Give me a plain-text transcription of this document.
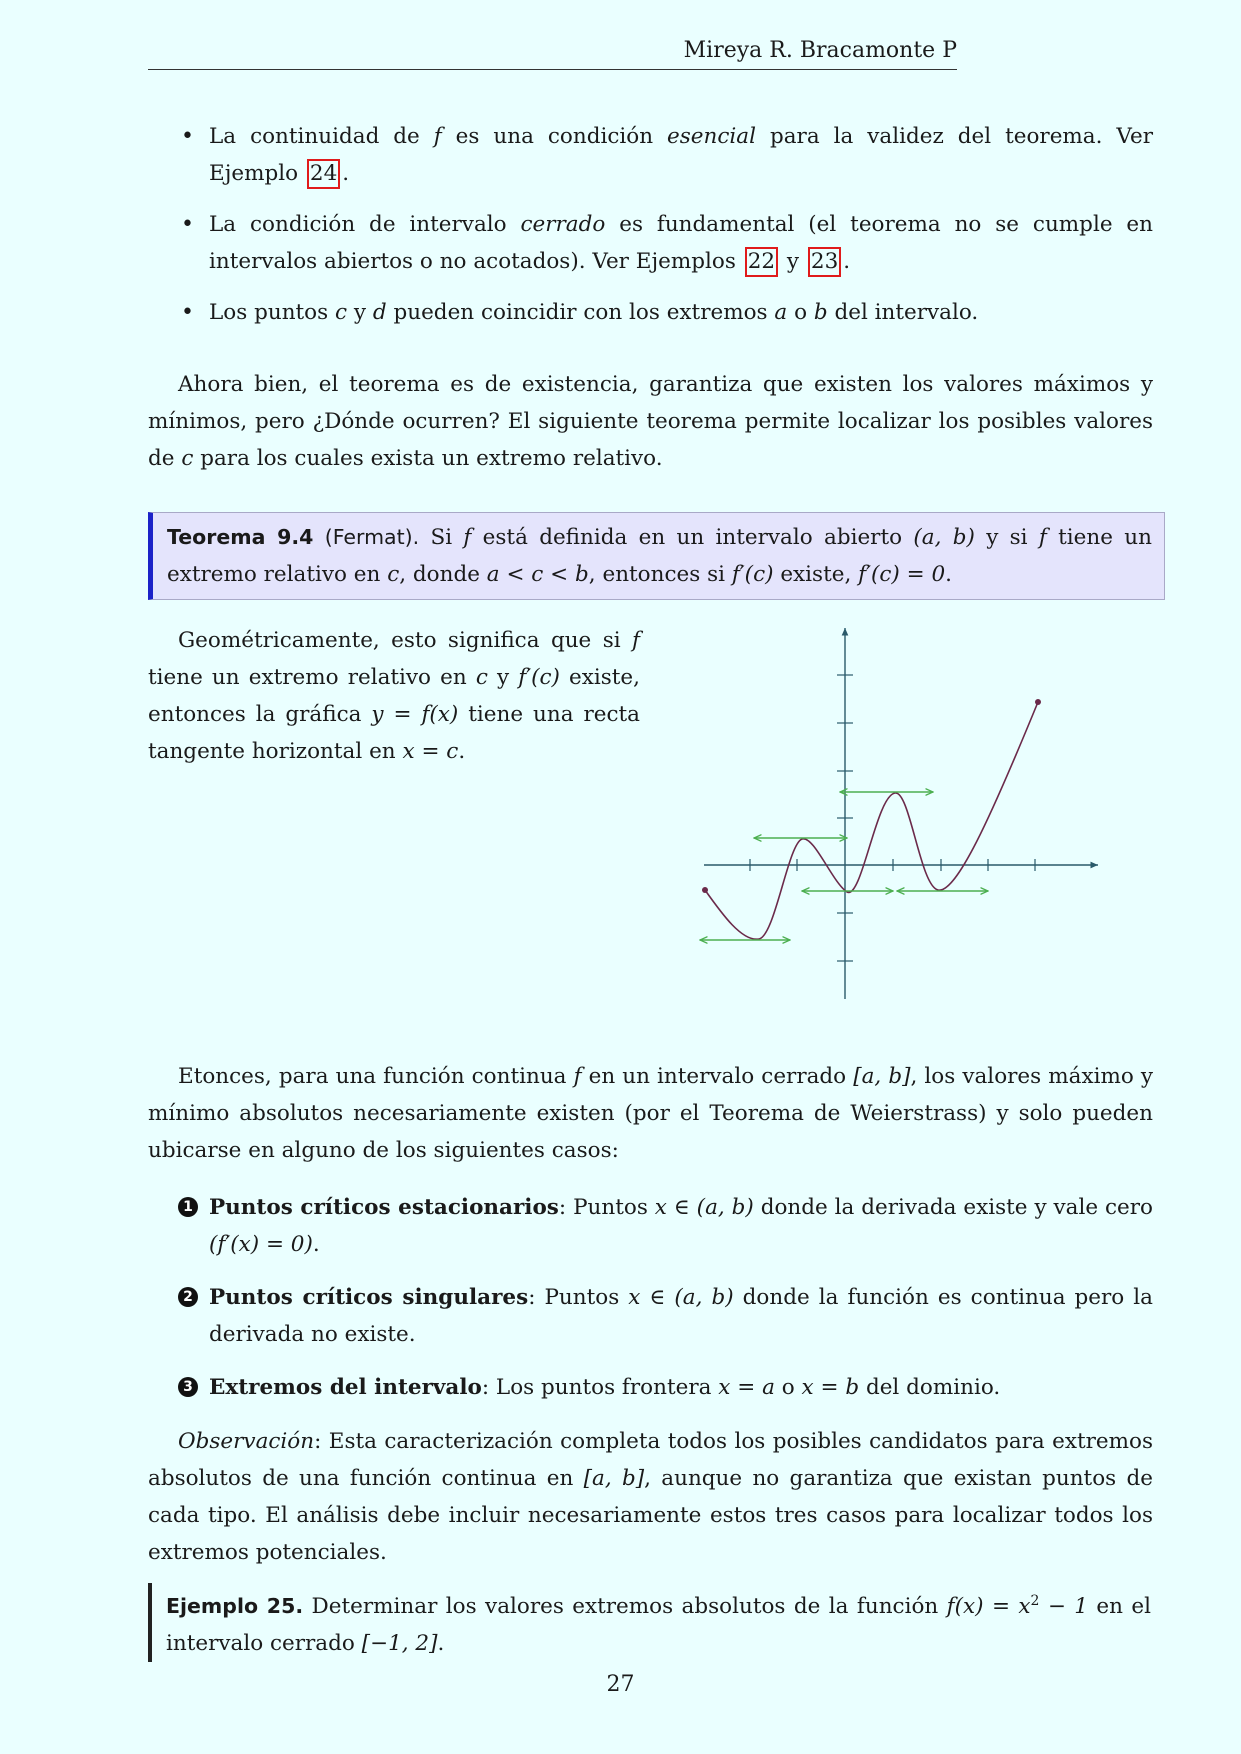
Mireya R. Bracamonte P
• La continuidad de f es una condición esencial para la validez del teorema. Ver Ejemplo 24 .
• La condición de intervalo cerrado es fundamental (el teorema no se cumple en intervalos abiertos o no acotados). Ver Ejemplos 22 y 23 .
• Los puntos c y d pueden coincidir con los extremos a o b del intervalo.

Ahora bien, el teorema es de existencia, garantiza que existen los valores máximos y mínimos, pero ¿Dónde ocurren? El siguiente teorema permite localizar los posibles valores de c para los cuales exista un extremo relativo.

Teorema 9.4 (Fermat). Si f está definida en un intervalo abierto (a, b) y si f tiene un extremo relativo en c, donde a < c < b, entonces si f′(c) existe, f′(c) = 0.

Geométricamente, esto significa que si f tiene un extremo relativo en c y f′(c) existe, entonces la gráfica y = f(x) tiene una recta tangente horizontal en x = c.

Etonces, para una función continua f en un intervalo cerrado [a, b], los valores máximo y mínimo absolutos necesariamente existen (por el Teorema de Weierstrass) y solo pueden ubicarse en alguno de los siguientes casos:

1 Puntos críticos estacionarios: Puntos x ∈ (a, b) donde la derivada existe y vale cero (f′(x) = 0).
2 Puntos críticos singulares: Puntos x ∈ (a, b) donde la función es continua pero la derivada no existe.
3 Extremos del intervalo: Los puntos frontera x = a o x = b del dominio.

Observación: Esta caracterización completa todos los posibles candidatos para extremos absolutos de una función continua en [a, b], aunque no garantiza que existan puntos de cada tipo. El análisis debe incluir necesariamente estos tres casos para localizar todos los extremos potenciales.

Ejemplo 25. Determinar los valores extremos absolutos de la función $f(x) = x^2 - 1$ en el intervalo cerrado [−1, 2].

27
